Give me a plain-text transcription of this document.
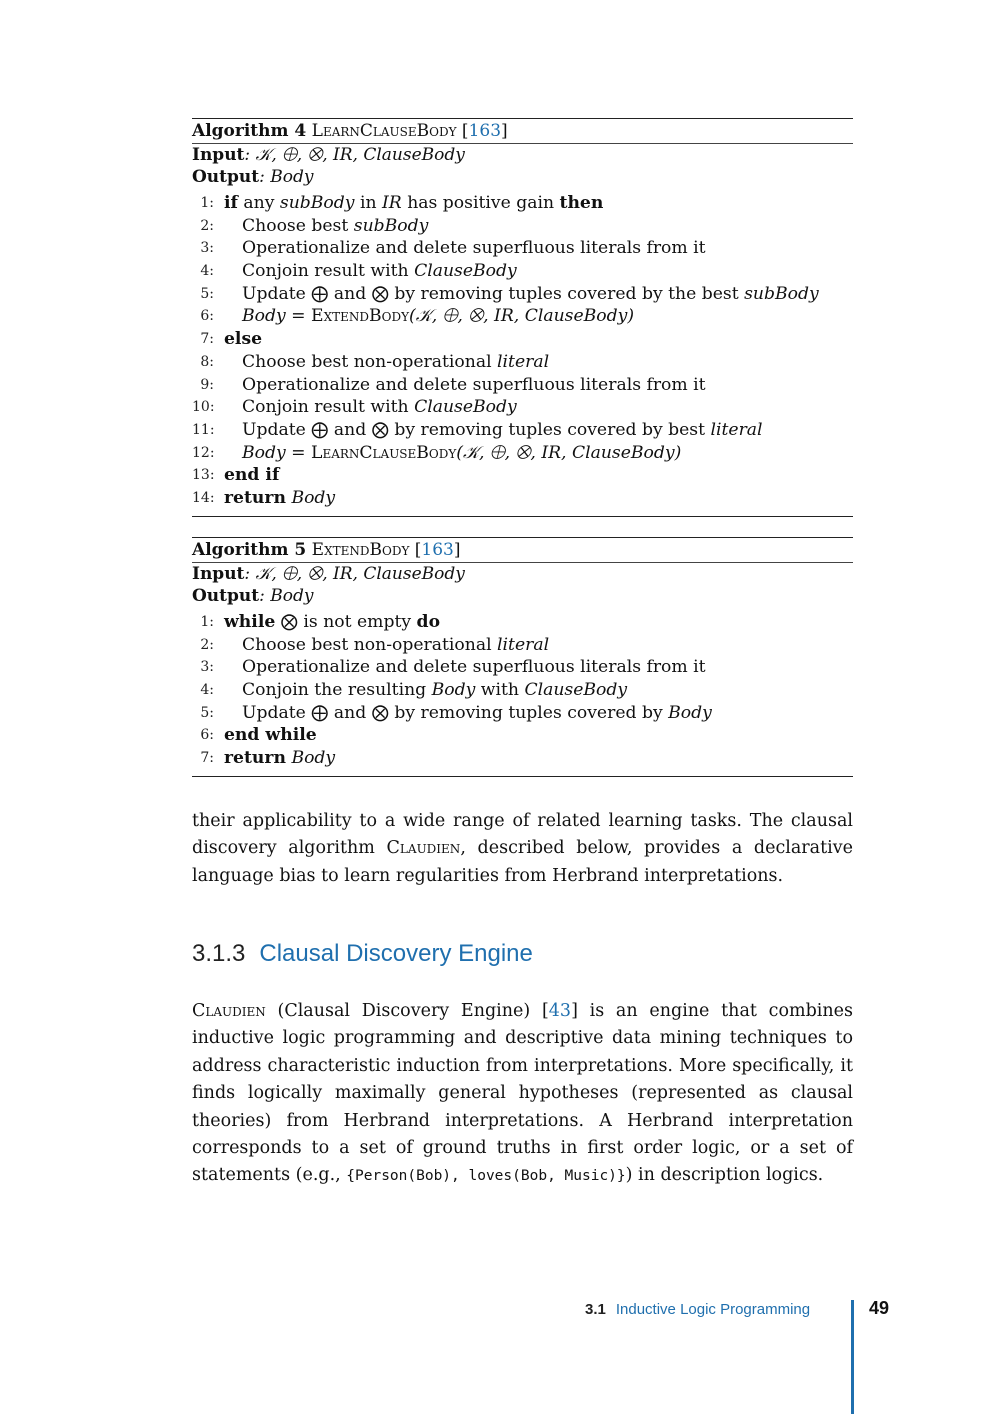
Algorithm 4 LearnClauseBody [163]
Input: 𝒦, ⨁, ⨂, IR, ClauseBody
Output: Body
1: if any subBody in IR has positive gain then
2: Choose best subBody
3: Operationalize and delete superfluous literals from it
4: Conjoin result with ClauseBody
5: Update ⨁ and ⨂ by removing tuples covered by the best subBody
6: Body = ExtendBody(𝒦, ⨁, ⨂, IR, ClauseBody)
7: else
8: Choose best non-operational literal
9: Operationalize and delete superfluous literals from it
10: Conjoin result with ClauseBody
11: Update ⨁ and ⨂ by removing tuples covered by best literal
12: Body = LearnClauseBody(𝒦, ⨁, ⨂, IR, ClauseBody)
13: end if
14: return Body
Algorithm 5 ExtendBody [163]
Input: 𝒦, ⨁, ⨂, IR, ClauseBody
Output: Body
1: while ⨂ is not empty do
2: Choose best non-operational literal
3: Operationalize and delete superfluous literals from it
4: Conjoin the resulting Body with ClauseBody
5: Update ⨁ and ⨂ by removing tuples covered by Body
6: end while
7: return Body

their applicability to a wide range of related learning tasks. The clausal discovery algorithm Claudien, described below, provides a declarative language bias to learn regularities from Herbrand interpretations.

3.1.3 Clausal Discovery Engine

Claudien (Clausal Discovery Engine) [43] is an engine that combines inductive logic programming and descriptive data mining techniques to address characteristic induction from interpretations. More specifically, it finds logically maximally general hypotheses (represented as clausal theories) from Herbrand interpretations. A Herbrand interpretation corresponds to a set of ground truths in first order logic, or a set of statements (e.g., {Person(Bob), loves(Bob, Music)}) in description logics.

3.1 Inductive Logic Programming	49
